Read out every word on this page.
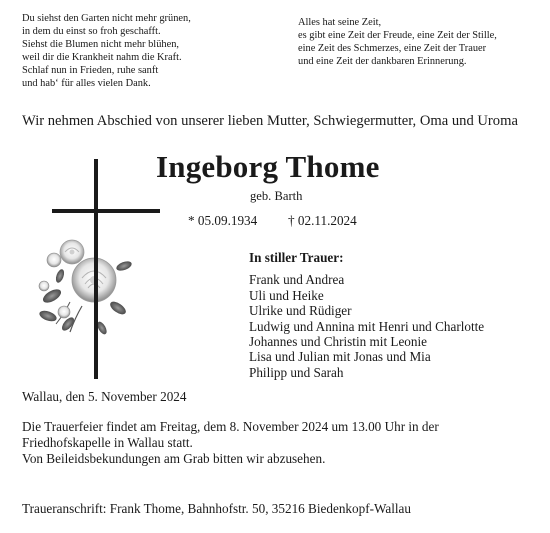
Du siehst den Garten nicht mehr grünen,
in dem du einst so froh geschafft.
Siehst die Blumen nicht mehr blühen,
weil dir die Krankheit nahm die Kraft.
Schlaf nun in Frieden, ruhe sanft
und hab‘ für alles vielen Dank.
Alles hat seine Zeit,
es gibt eine Zeit der Freude, eine Zeit der Stille,
eine Zeit des Schmerzes, eine Zeit der Trauer
und eine Zeit der dankbaren Erinnerung.
Wir nehmen Abschied von unserer lieben Mutter, Schwiegermutter, Oma und Uroma
Ingeborg Thome
geb. Barth
* 05.09.1934 † 02.11.2024
In stiller Trauer:
Frank und Andrea
Uli und Heike
Ulrike und Rüdiger
Ludwig und Annina mit Henri und Charlotte
Johannes und Christin mit Leonie
Lisa und Julian mit Jonas und Mia
Philipp und Sarah
Wallau, den 5. November 2024
Die Trauerfeier findet am Freitag, dem 8. November 2024 um 13.00 Uhr in der
Friedhofskapelle in Wallau statt.
Von Beileidsbekundungen am Grab bitten wir abzusehen.
Traueranschrift: Frank Thome, Bahnhofstr. 50, 35216 Biedenkopf-Wallau
